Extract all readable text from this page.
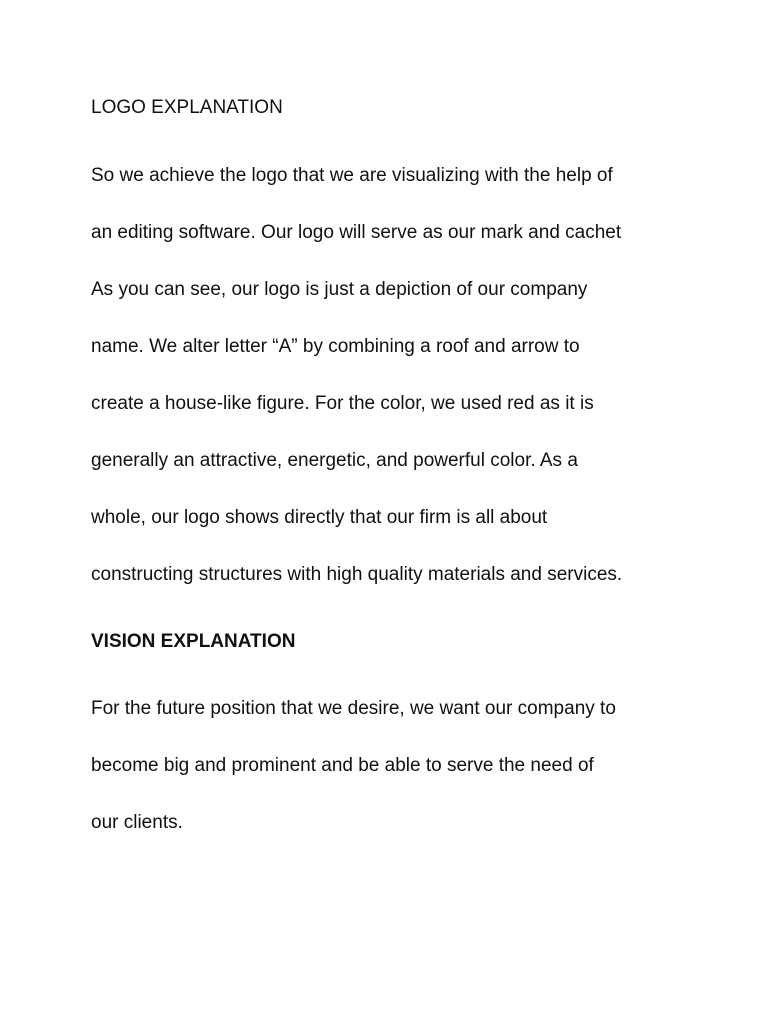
LOGO EXPLANATION
So we achieve the logo that we are visualizing with the help of
an editing software. Our logo will serve as our mark and cachet
As you can see, our logo is just a depiction of our company
name. We alter letter “A” by combining a roof and arrow to
create a house-like figure. For the color, we used red as it is
generally an attractive, energetic, and powerful color. As a
whole, our logo shows directly that our firm is all about
constructing structures with high quality materials and services.
VISION EXPLANATION
For the future position that we desire, we want our company to
become big and prominent and be able to serve the need of
our clients.
